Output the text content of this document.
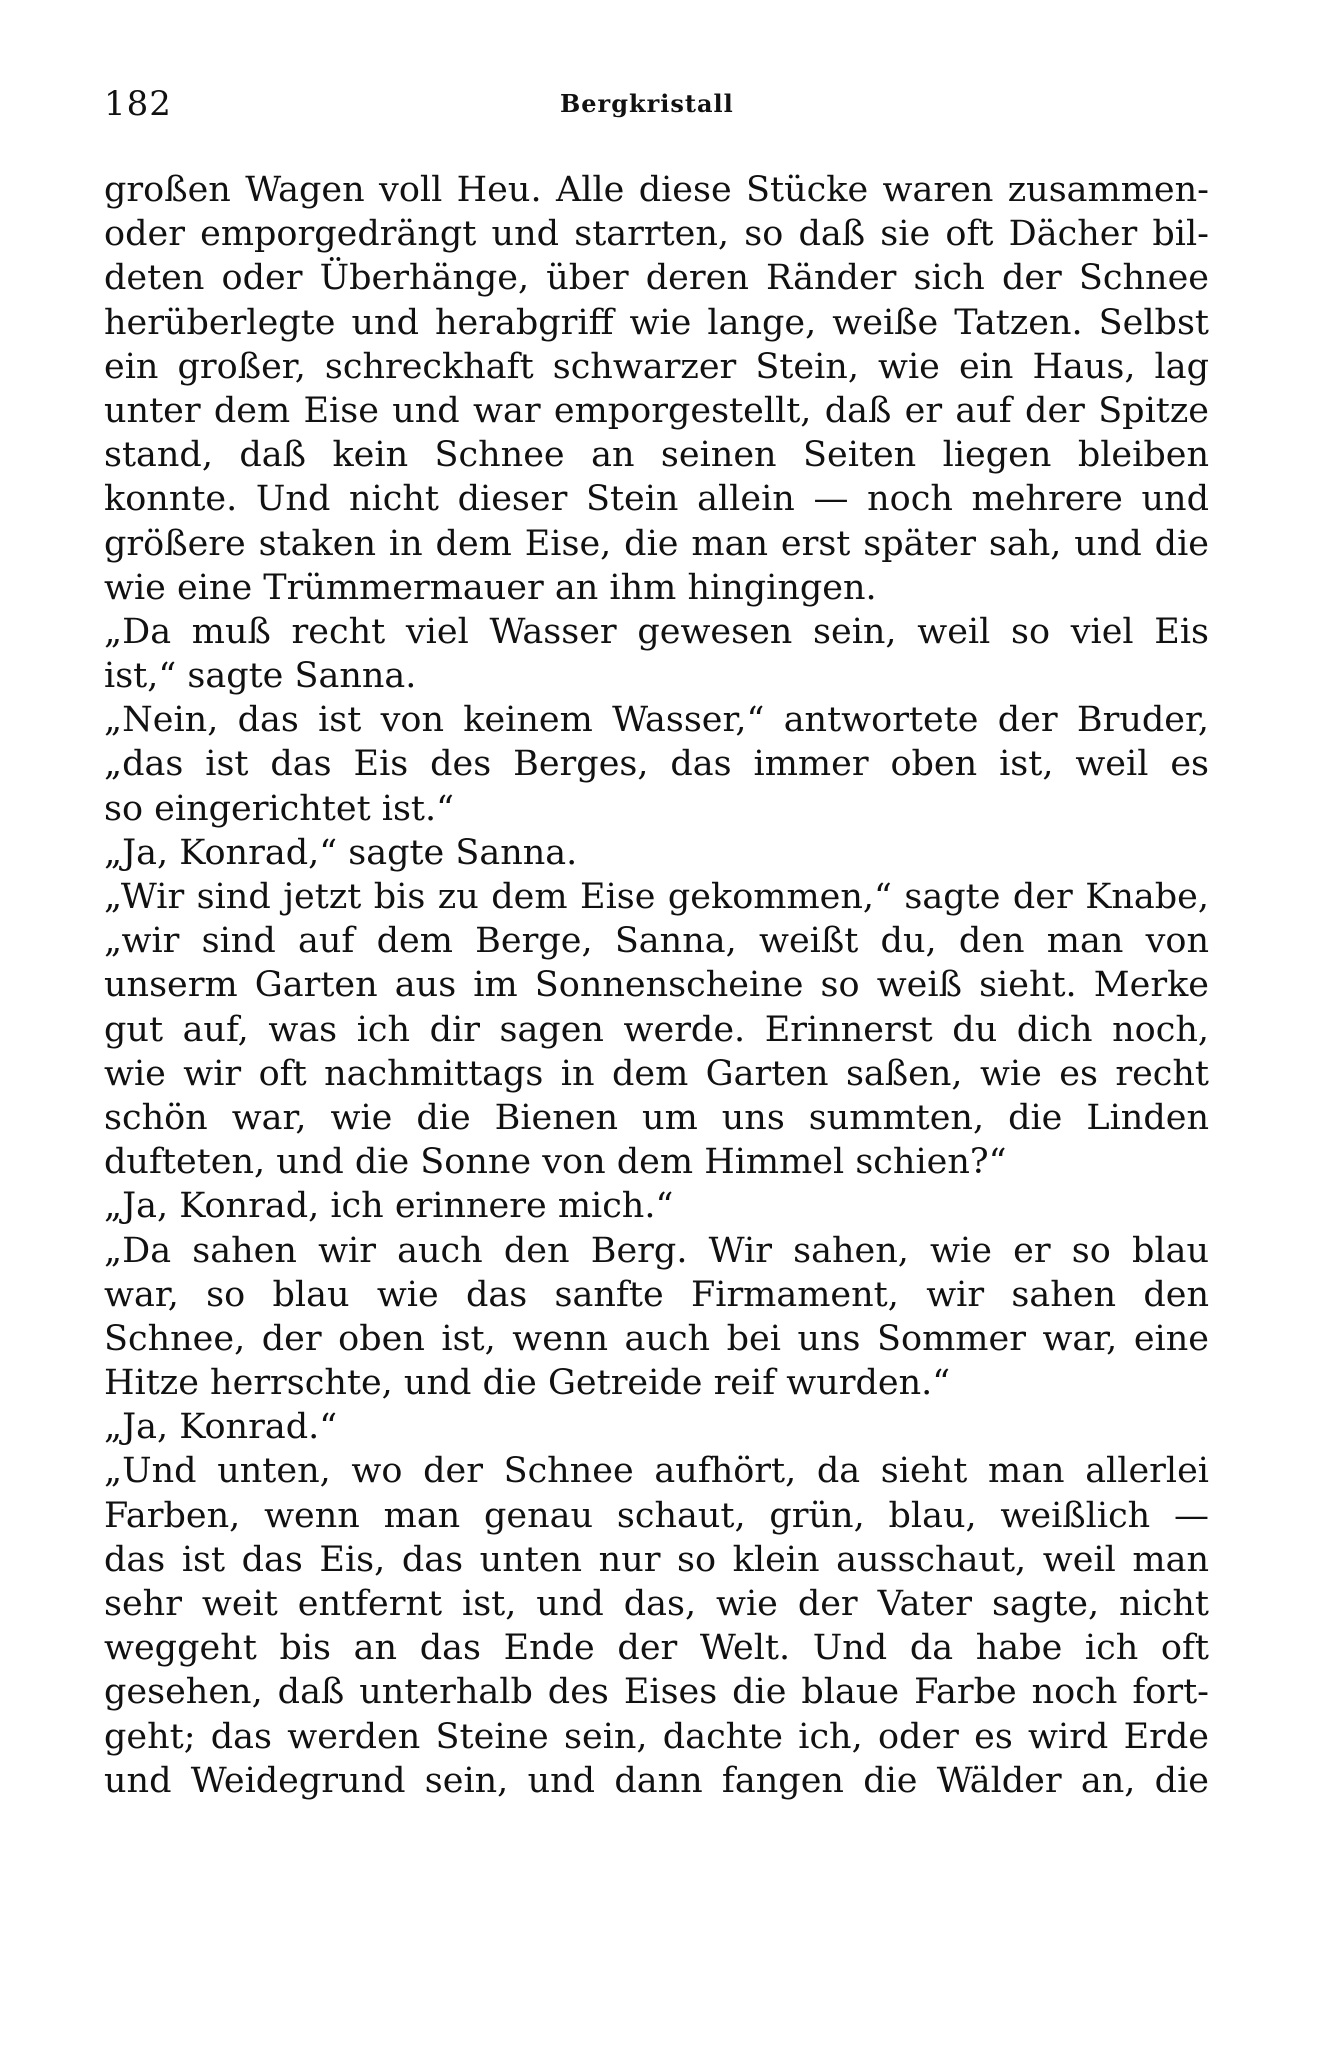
182	Bergkristall
großen Wagen voll Heu. Alle diese Stücke waren zusammen-
oder emporgedrängt und starrten, so daß sie oft Dächer bil-
deten oder Überhänge, über deren Ränder sich der Schnee
herüberlegte und herabgriff wie lange, weiße Tatzen. Selbst
ein großer, schreckhaft schwarzer Stein, wie ein Haus, lag
unter dem Eise und war emporgestellt, daß er auf der Spitze
stand, daß kein Schnee an seinen Seiten liegen bleiben
konnte. Und nicht dieser Stein allein — noch mehrere und
größere staken in dem Eise, die man erst später sah, und die
wie eine Trümmermauer an ihm hingingen.
„Da muß recht viel Wasser gewesen sein, weil so viel Eis
ist,“ sagte Sanna.
„Nein, das ist von keinem Wasser,“ antwortete der Bruder,
„das ist das Eis des Berges, das immer oben ist, weil es
so eingerichtet ist.“
„Ja, Konrad,“ sagte Sanna.
„Wir sind jetzt bis zu dem Eise gekommen,“ sagte der Knabe,
„wir sind auf dem Berge, Sanna, weißt du, den man von
unserm Garten aus im Sonnenscheine so weiß sieht. Merke
gut auf, was ich dir sagen werde. Erinnerst du dich noch,
wie wir oft nachmittags in dem Garten saßen, wie es recht
schön war, wie die Bienen um uns summten, die Linden
dufteten, und die Sonne von dem Himmel schien?“
„Ja, Konrad, ich erinnere mich.“
„Da sahen wir auch den Berg. Wir sahen, wie er so blau
war, so blau wie das sanfte Firmament, wir sahen den
Schnee, der oben ist, wenn auch bei uns Sommer war, eine
Hitze herrschte, und die Getreide reif wurden.“
„Ja, Konrad.“
„Und unten, wo der Schnee aufhört, da sieht man allerlei
Farben, wenn man genau schaut, grün, blau, weißlich —
das ist das Eis, das unten nur so klein ausschaut, weil man
sehr weit entfernt ist, und das, wie der Vater sagte, nicht
weggeht bis an das Ende der Welt. Und da habe ich oft
gesehen, daß unterhalb des Eises die blaue Farbe noch fort-
geht; das werden Steine sein, dachte ich, oder es wird Erde
und Weidegrund sein, und dann fangen die Wälder an, die
